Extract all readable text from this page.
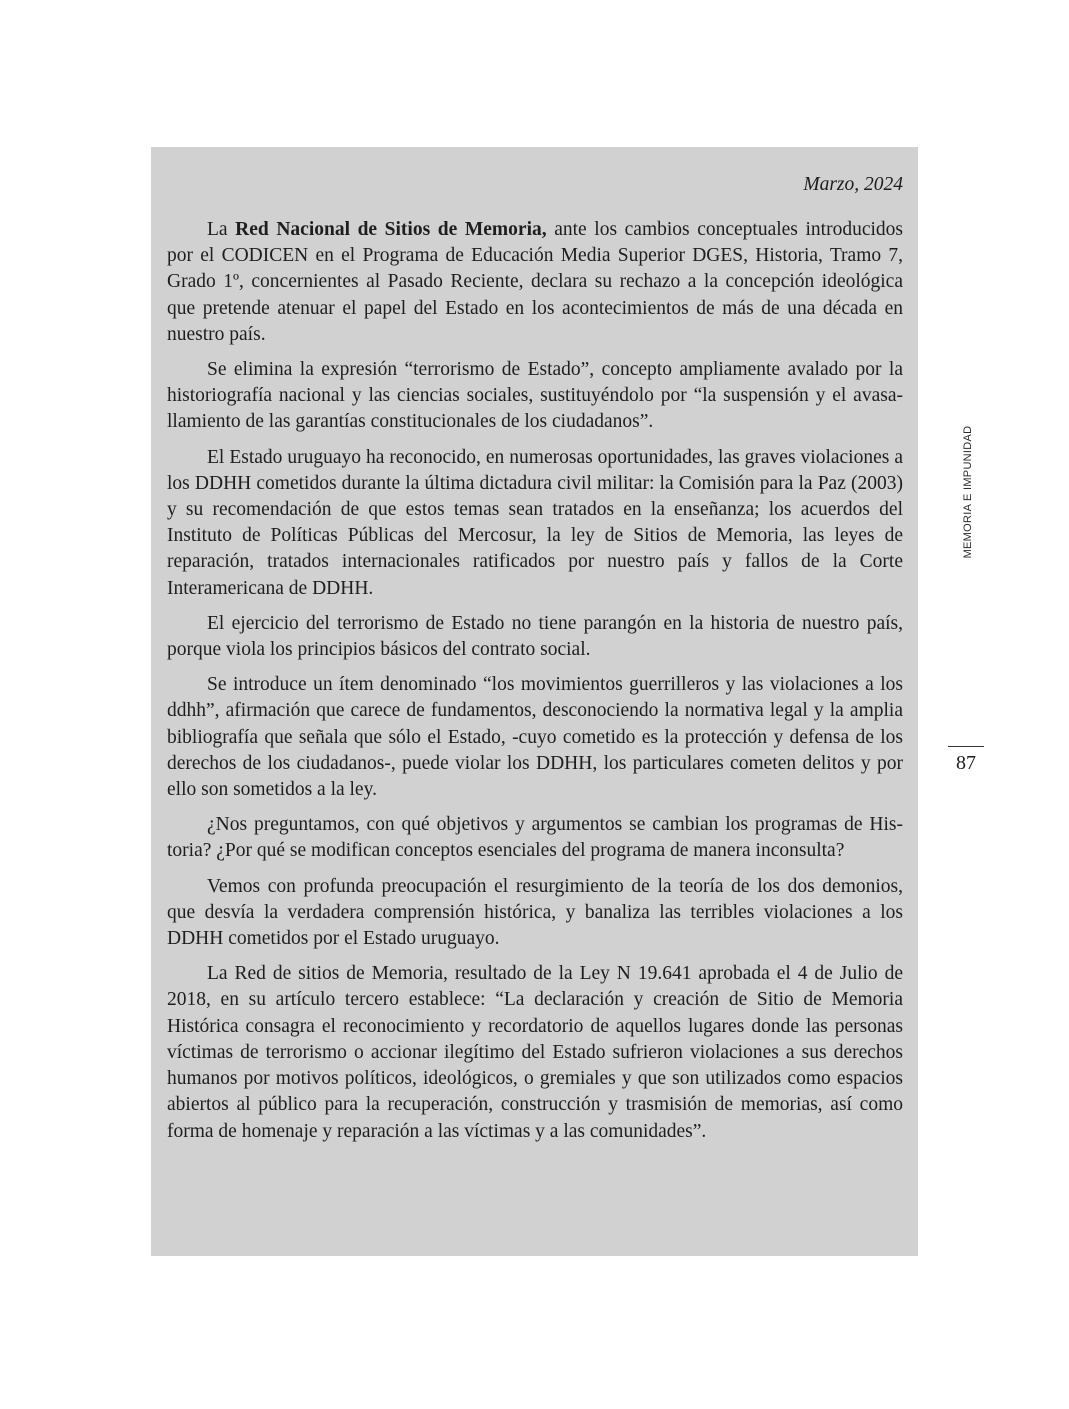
Marzo, 2024

La Red Nacional de Sitios de Memoria, ante los cambios conceptuales introducidos por el CODICEN en el Programa de Educación Media Superior DGES, Historia, Tramo 7, Grado 1º, concernientes al Pasado Reciente, declara su rechazo a la concepción ideológica que pretende atenuar el papel del Estado en los acontecimientos de más de una década en nuestro país.

Se elimina la expresión “terrorismo de Estado”, concepto ampliamente avalado por la historiografía nacional y las ciencias sociales, sustituyéndolo por “la suspensión y el avasallamiento de las garantías constitucionales de los ciudadanos”.

El Estado uruguayo ha reconocido, en numerosas oportunidades, las graves violaciones a los DDHH cometidos durante la última dictadura civil militar: la Comisión para la Paz (2003) y su recomendación de que estos temas sean tratados en la enseñanza; los acuerdos del Instituto de Políticas Públicas del Mercosur, la ley de Sitios de Memoria, las leyes de reparación, tratados internacionales ratificados por nuestro país y fallos de la Corte Interamericana de DDHH.

El ejercicio del terrorismo de Estado no tiene parangón en la historia de nuestro país, porque viola los principios básicos del contrato social.

Se introduce un ítem denominado “los movimientos guerrilleros y las violaciones a los ddhh”, afirmación que carece de fundamentos, desconociendo la normativa legal y la amplia bibliografía que señala que sólo el Estado, -cuyo cometido es la protección y defensa de los derechos de los ciudadanos-, puede violar los DDHH, los particulares cometen delitos y por ello son sometidos a la ley.

¿Nos preguntamos, con qué objetivos y argumentos se cambian los programas de Historia? ¿Por qué se modifican conceptos esenciales del programa de manera inconsulta?

Vemos con profunda preocupación el resurgimiento de la teoría de los dos demonios, que desvía la verdadera comprensión histórica, y banaliza las terribles violaciones a los DDHH cometidos por el Estado uruguayo.

La Red de sitios de Memoria, resultado de la Ley N 19.641 aprobada el 4 de Julio de 2018, en su artículo tercero establece: “La declaración y creación de Sitio de Memoria Histórica consagra el reconocimiento y recordatorio de aquellos lugares donde las personas víctimas de terrorismo o accionar ilegítimo del Estado sufrieron violaciones a sus derechos humanos por motivos políticos, ideológicos, o gremiales y que son utilizados como espacios abiertos al público para la recuperación, construcción y trasmisión de memorias, así como forma de homenaje y reparación a las víctimas y a las comunidades”.

MEMORIA E IMPUNIDAD
87
